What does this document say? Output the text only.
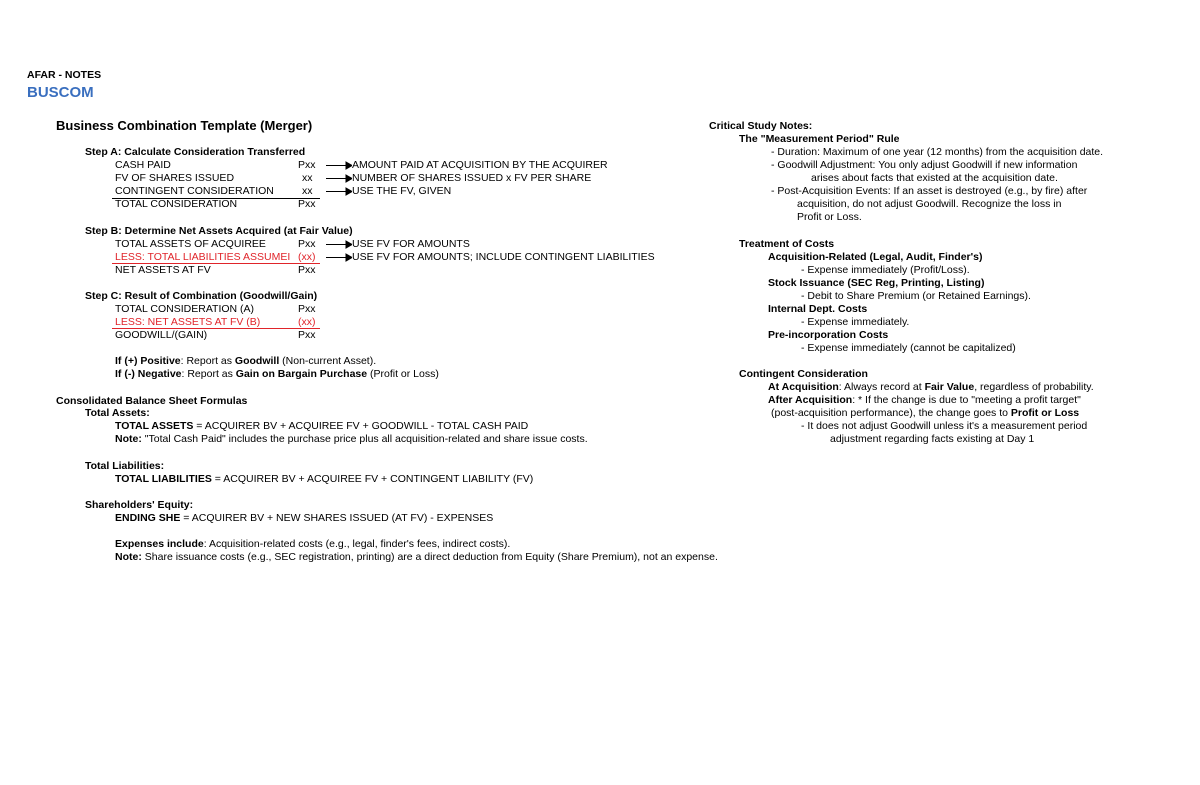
AFAR - NOTES
BUSCOM
Business Combination Template (Merger)
Step A: Calculate Consideration Transferred
CASH PAID	Pxx	AMOUNT PAID AT ACQUISITION BY THE ACQUIRER
FV OF SHARES ISSUED	xx	NUMBER OF SHARES ISSUED x FV PER SHARE
CONTINGENT CONSIDERATION	xx	USE THE FV, GIVEN
TOTAL CONSIDERATION	Pxx
Step B: Determine Net Assets Acquired (at Fair Value)
TOTAL ASSETS OF ACQUIREE	Pxx	USE FV FOR AMOUNTS
LESS: TOTAL LIABILITIES ASSUMEI (xx)	USE FV FOR AMOUNTS; INCLUDE CONTINGENT LIABILITIES
NET ASSETS AT FV	Pxx
Step C: Result of Combination (Goodwill/Gain)
TOTAL CONSIDERATION (A)	Pxx
LESS: NET ASSETS AT FV (B)	(xx)
GOODWILL/(GAIN)	Pxx
If (+) Positive: Report as Goodwill (Non-current Asset).
If (-) Negative: Report as Gain on Bargain Purchase (Profit or Loss)
Consolidated Balance Sheet Formulas
Total Assets:
TOTAL ASSETS = ACQUIRER BV + ACQUIREE FV + GOODWILL - TOTAL CASH PAID
Note: "Total Cash Paid" includes the purchase price plus all acquisition-related and share issue costs.
Total Liabilities:
TOTAL LIABILITIES = ACQUIRER BV + ACQUIREE FV + CONTINGENT LIABILITY (FV)
Shareholders' Equity:
ENDING SHE = ACQUIRER BV + NEW SHARES ISSUED (AT FV) - EXPENSES
Expenses include: Acquisition-related costs (e.g., legal, finder's fees, indirect costs).
Note: Share issuance costs (e.g., SEC registration, printing) are a direct deduction from Equity (Share Premium), not an expense.
Critical Study Notes:
The "Measurement Period" Rule
- Duration: Maximum of one year (12 months) from the acquisition date.
- Goodwill Adjustment: You only adjust Goodwill if new information
arises about facts that existed at the acquisition date.
- Post-Acquisition Events: If an asset is destroyed (e.g., by fire) after
acquisition, do not adjust Goodwill. Recognize the loss in
Profit or Loss.
Treatment of Costs
Acquisition-Related (Legal, Audit, Finder's)
- Expense immediately (Profit/Loss).
Stock Issuance (SEC Reg, Printing, Listing)
- Debit to Share Premium (or Retained Earnings).
Internal Dept. Costs
- Expense immediately.
Pre-incorporation Costs
- Expense immediately (cannot be capitalized)
Contingent Consideration
At Acquisition: Always record at Fair Value, regardless of probability.
After Acquisition: * If the change is due to "meeting a profit target"
(post-acquisition performance), the change goes to Profit or Loss
- It does not adjust Goodwill unless it's a measurement period
adjustment regarding facts existing at Day 1
